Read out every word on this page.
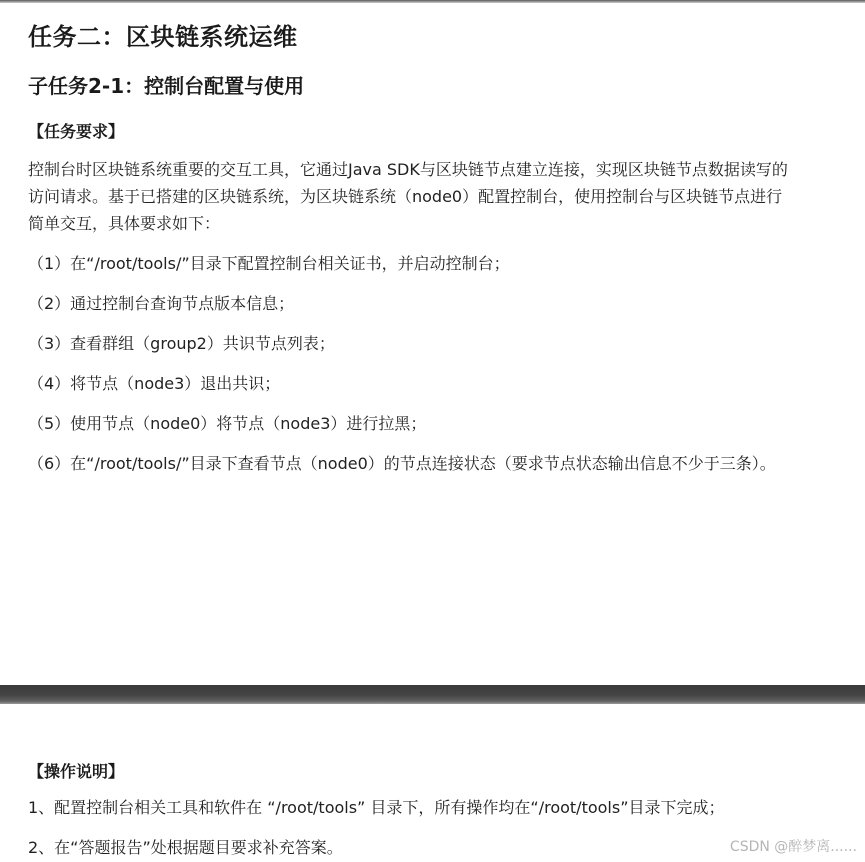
任务二：区块链系统运维
子任务2-1：控制台配置与使用
【任务要求】
控制台时区块链系统重要的交互工具，它通过Java SDK与区块链节点建立连接，实现区块链节点数据读写的访问请求。基于已搭建的区块链系统，为区块链系统（node0）配置控制台，使用控制台与区块链节点进行简单交互，具体要求如下：
（1）在“/root/tools/”目录下配置控制台相关证书，并启动控制台；
（2）通过控制台查询节点版本信息；
（3）查看群组（group2）共识节点列表；
（4）将节点（node3）退出共识；
（5）使用节点（node0）将节点（node3）进行拉黑；
（6）在“/root/tools/”目录下查看节点（node0）的节点连接状态（要求节点状态输出信息不少于三条）。
【操作说明】
1、配置控制台相关工具和软件在 “/root/tools” 目录下，所有操作均在“/root/tools”目录下完成；
2、在“答题报告”处根据题目要求补充答案。	CSDN @醉梦离......
